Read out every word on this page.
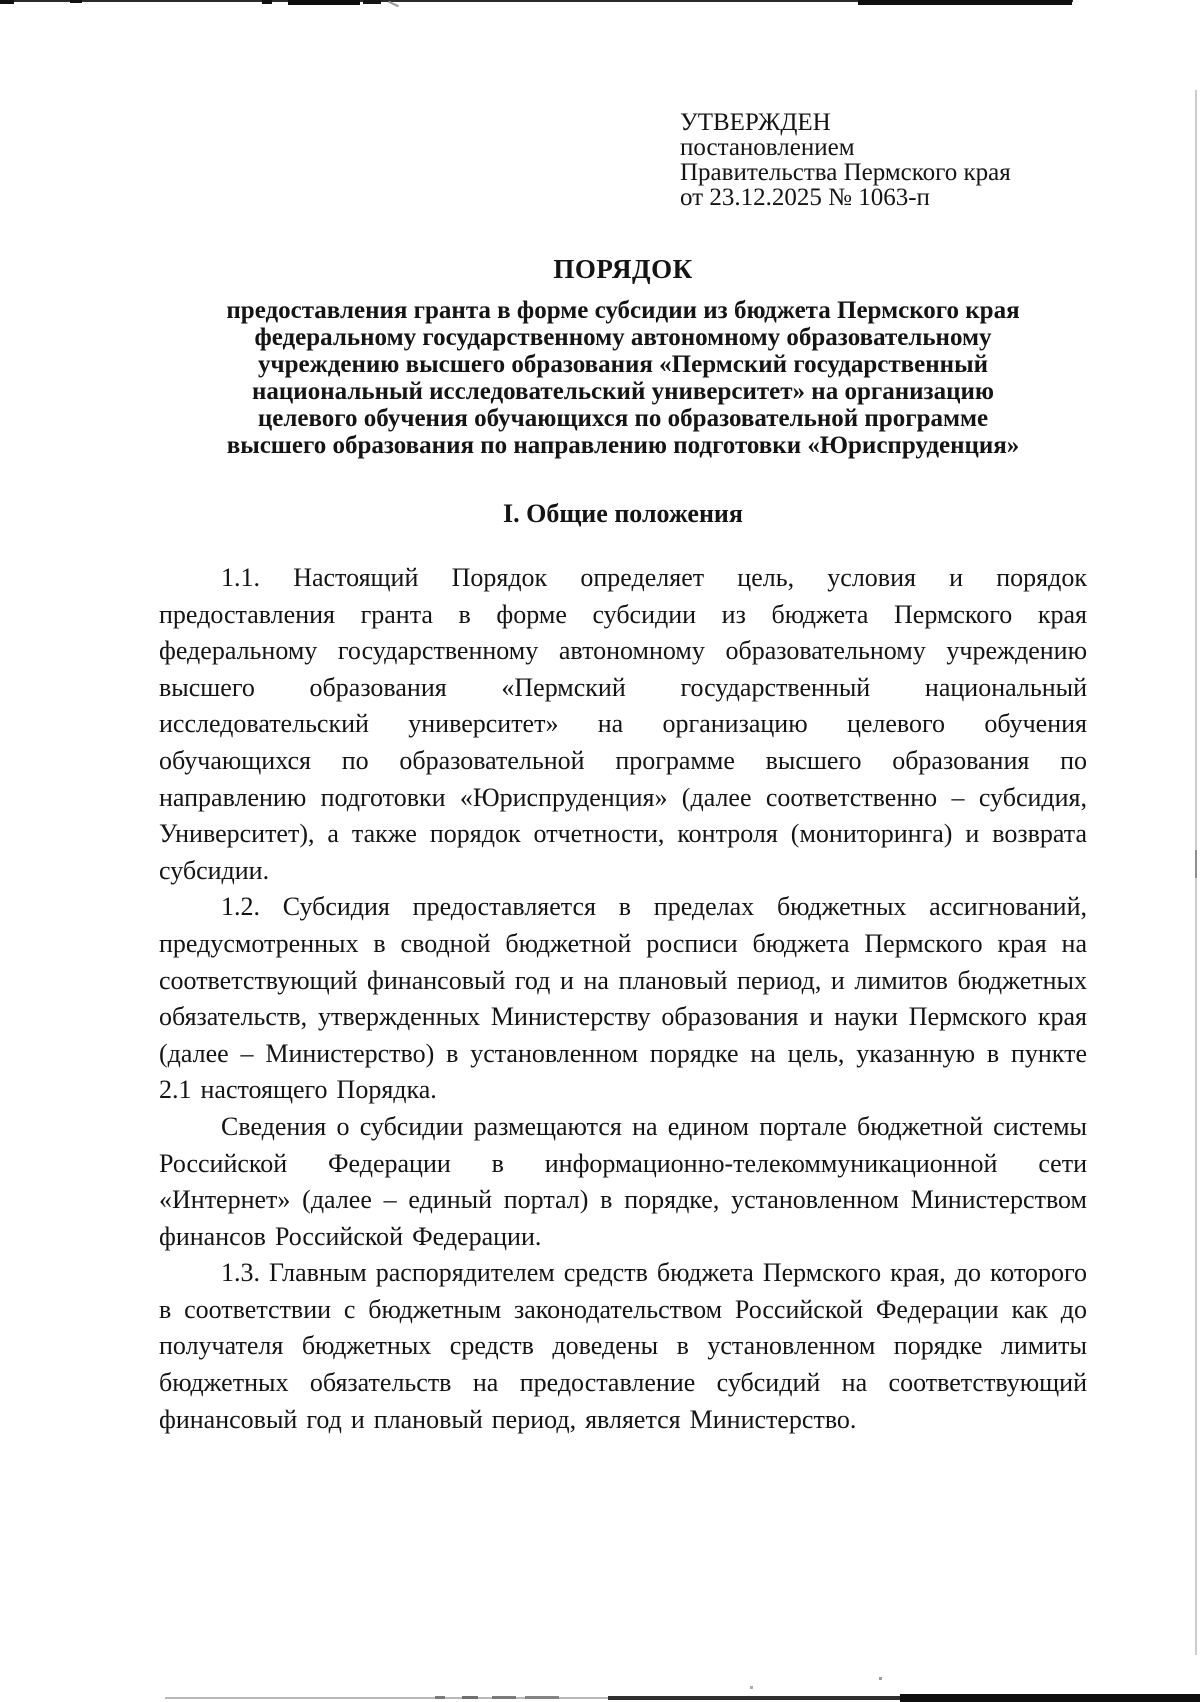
УТВЕРЖДЕН
постановлением
Правительства Пермского края
от 23.12.2025 № 1063-п
ПОРЯДОК
предоставления гранта в форме субсидии из бюджета Пермского края
федеральному государственному автономному образовательному
учреждению высшего образования «Пермский государственный
национальный исследовательский университет» на организацию
целевого обучения обучающихся по образовательной программе
высшего образования по направлению подготовки «Юриспруденция»
I. Общие положения

1.1. Настоящий Порядок определяет цель, условия и порядок предоставления гранта в форме субсидии из бюджета Пермского края федеральному государственному автономному образовательному учреждению высшего образования «Пермский государственный национальный исследовательский университет» на организацию целевого обучения обучающихся по образовательной программе высшего образования по направлению подготовки «Юриспруденция» (далее соответственно – субсидия, Университет), а также порядок отчетности, контроля (мониторинга) и возврата субсидии.

1.2. Субсидия предоставляется в пределах бюджетных ассигнований, предусмотренных в сводной бюджетной росписи бюджета Пермского края на соответствующий финансовый год и на плановый период, и лимитов бюджетных обязательств, утвержденных Министерству образования и науки Пермского края (далее – Министерство) в установленном порядке на цель, указанную в пункте 2.1 настоящего Порядка.

Сведения о субсидии размещаются на едином портале бюджетной системы Российской Федерации в информационно-телекоммуникационной сети «Интернет» (далее – единый портал) в порядке, установленном Министерством финансов Российской Федерации.

1.3. Главным распорядителем средств бюджета Пермского края, до которого в соответствии с бюджетным законодательством Российской Федерации как до получателя бюджетных средств доведены в установленном порядке лимиты бюджетных обязательств на предоставление субсидий на соответствующий финансовый год и плановый период, является Министерство.
